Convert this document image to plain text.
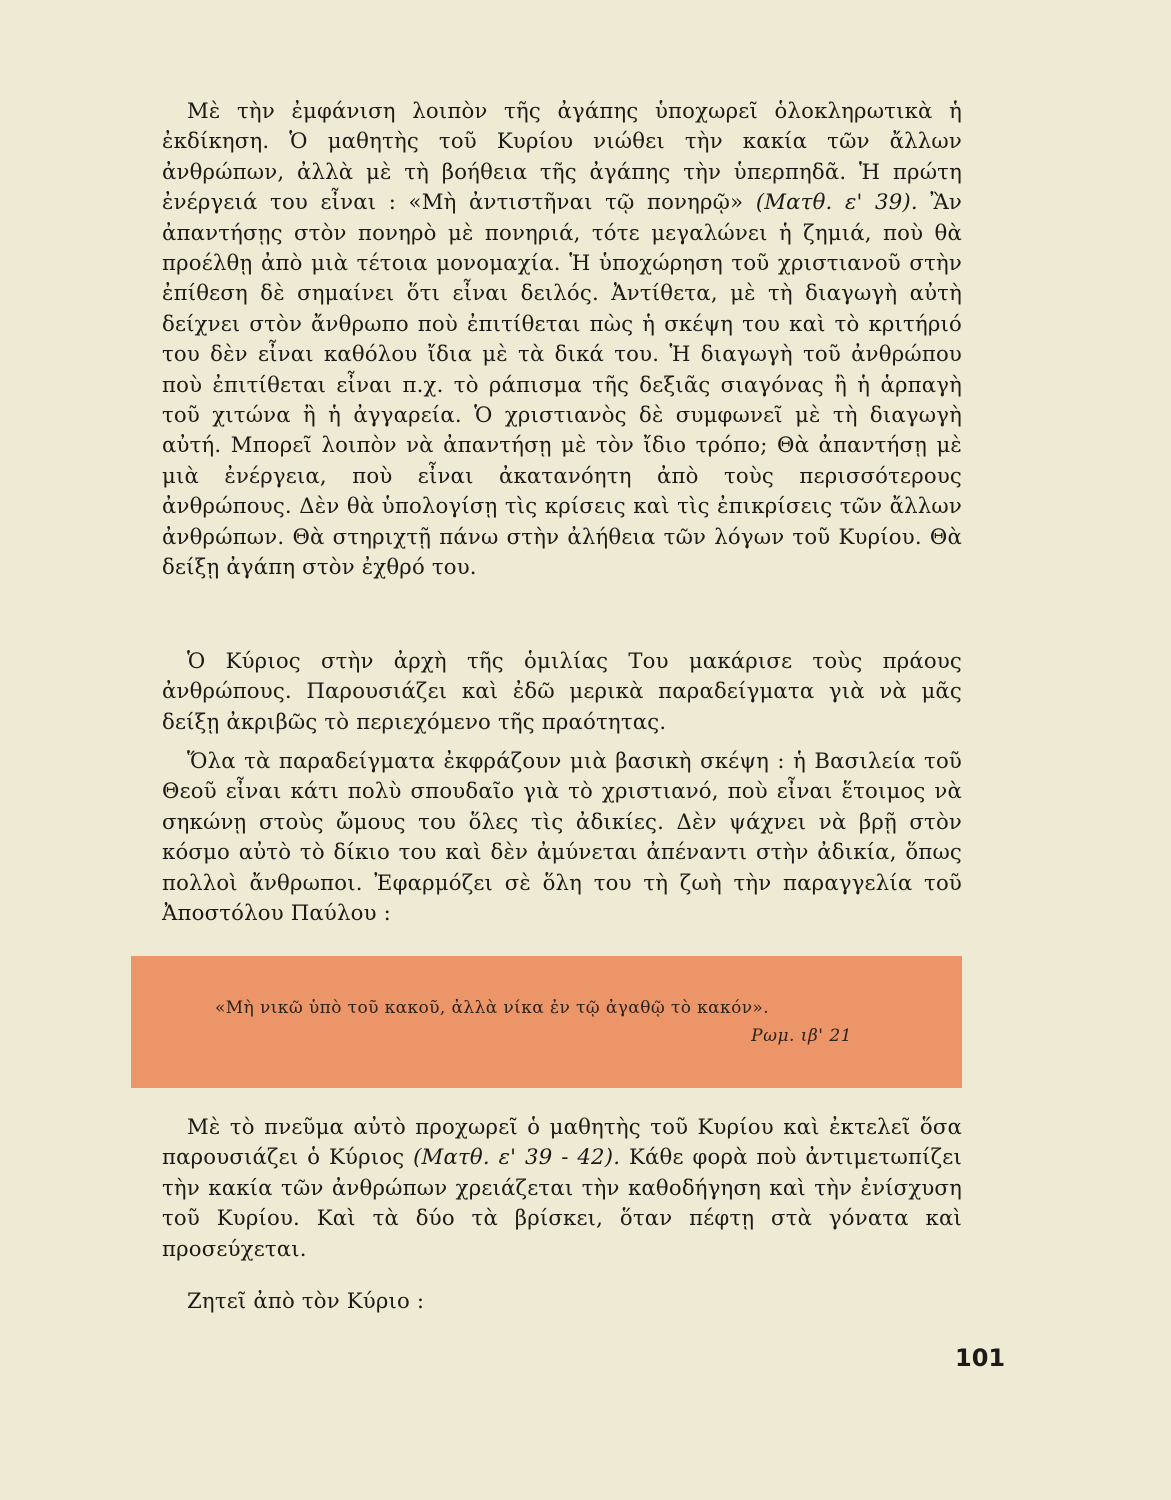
Μὲ τὴν ἐμφάνιση λοιπὸν τῆς ἀγάπης ὑποχωρεῖ ὁλοκληρωτικὰ ἡ ἐκδίκηση. Ὁ μαθητὴς τοῦ Κυρίου νιώθει τὴν κακία τῶν ἄλλων ἀνθρώπων, ἀλλὰ μὲ τὴ βοήθεια τῆς ἀγάπης τὴν ὑπερπηδᾶ. Ἡ πρώτη ἐνέργειά του εἶναι : «Μὴ ἀντιστῆναι τῷ πονηρῷ» (Ματθ. ε' 39). Ἂν ἀπαντήσῃς στὸν πονηρὸ μὲ πονηριά, τότε μεγαλώνει ἡ ζημιά, ποὺ θὰ προέλθῃ ἀπὸ μιὰ τέτοια μονομαχία. Ἡ ὑποχώρηση τοῦ χριστιανοῦ στὴν ἐπίθεση δὲ σημαίνει ὅτι εἶναι δειλός. Ἀντίθετα, μὲ τὴ διαγωγὴ αὐτὴ δείχνει στὸν ἄνθρωπο ποὺ ἐπιτίθεται πὼς ἡ σκέψη του καὶ τὸ κριτήριό του δὲν εἶναι καθόλου ἴδια μὲ τὰ δικά του. Ἡ διαγωγὴ τοῦ ἀνθρώπου ποὺ ἐπιτίθεται εἶναι π.χ. τὸ ράπισμα τῆς δεξιᾶς σιαγόνας ἢ ἡ ἁρπαγὴ τοῦ χιτώνα ἢ ἡ ἀγγαρεία. Ὁ χριστιανὸς δὲ συμφωνεῖ μὲ τὴ διαγωγὴ αὐτή. Μπορεῖ λοιπὸν νὰ ἀπαντήσῃ μὲ τὸν ἴδιο τρόπο; Θὰ ἀπαντήσῃ μὲ μιὰ ἐνέργεια, ποὺ εἶναι ἀκατανόητη ἀπὸ τοὺς περισσότερους ἀνθρώπους. Δὲν θὰ ὑπολογίσῃ τὶς κρίσεις καὶ τὶς ἐπικρίσεις τῶν ἄλλων ἀνθρώπων. Θὰ στηριχτῇ πάνω στὴν ἀλήθεια τῶν λόγων τοῦ Κυρίου. Θὰ δείξῃ ἀγάπη στὸν ἐχθρό του.

Ὁ Κύριος στὴν ἀρχὴ τῆς ὁμιλίας Του μακάρισε τοὺς πράους ἀνθρώπους. Παρουσιάζει καὶ ἐδῶ μερικὰ παραδείγματα γιὰ νὰ μᾶς δείξῃ ἀκριβῶς τὸ περιεχόμενο τῆς πραότητας.

Ὅλα τὰ παραδείγματα ἐκφράζουν μιὰ βασικὴ σκέψη : ἡ Βασιλεία τοῦ Θεοῦ εἶναι κάτι πολὺ σπουδαῖο γιὰ τὸ χριστιανό, ποὺ εἶναι ἕτοιμος νὰ σηκώνῃ στοὺς ὤμους του ὅλες τὶς ἀδικίες. Δὲν ψάχνει νὰ βρῇ στὸν κόσμο αὐτὸ τὸ δίκιο του καὶ δὲν ἀμύνεται ἀπέναντι στὴν ἀδικία, ὅπως πολλοὶ ἄνθρωποι. Ἐφαρμόζει σὲ ὅλη του τὴ ζωὴ τὴν παραγγελία τοῦ Ἀποστόλου Παύλου :

«Μὴ νικῶ ὑπὸ τοῦ κακοῦ, ἀλλὰ νίκα ἐν τῷ ἀγαθῷ τὸ κακόν».
Ρωμ. ιβ' 21

Μὲ τὸ πνεῦμα αὐτὸ προχωρεῖ ὁ μαθητὴς τοῦ Κυρίου καὶ ἐκτελεῖ ὅσα παρουσιάζει ὁ Κύριος (Ματθ. ε' 39 - 42). Κάθε φορὰ ποὺ ἀντιμετωπίζει τὴν κακία τῶν ἀνθρώπων χρειάζεται τὴν καθοδήγηση καὶ τὴν ἐνίσχυση τοῦ Κυρίου. Καὶ τὰ δύο τὰ βρίσκει, ὅταν πέφτῃ στὰ γόνατα καὶ προσεύχεται.

Ζητεῖ ἀπὸ τὸν Κύριο :

101
